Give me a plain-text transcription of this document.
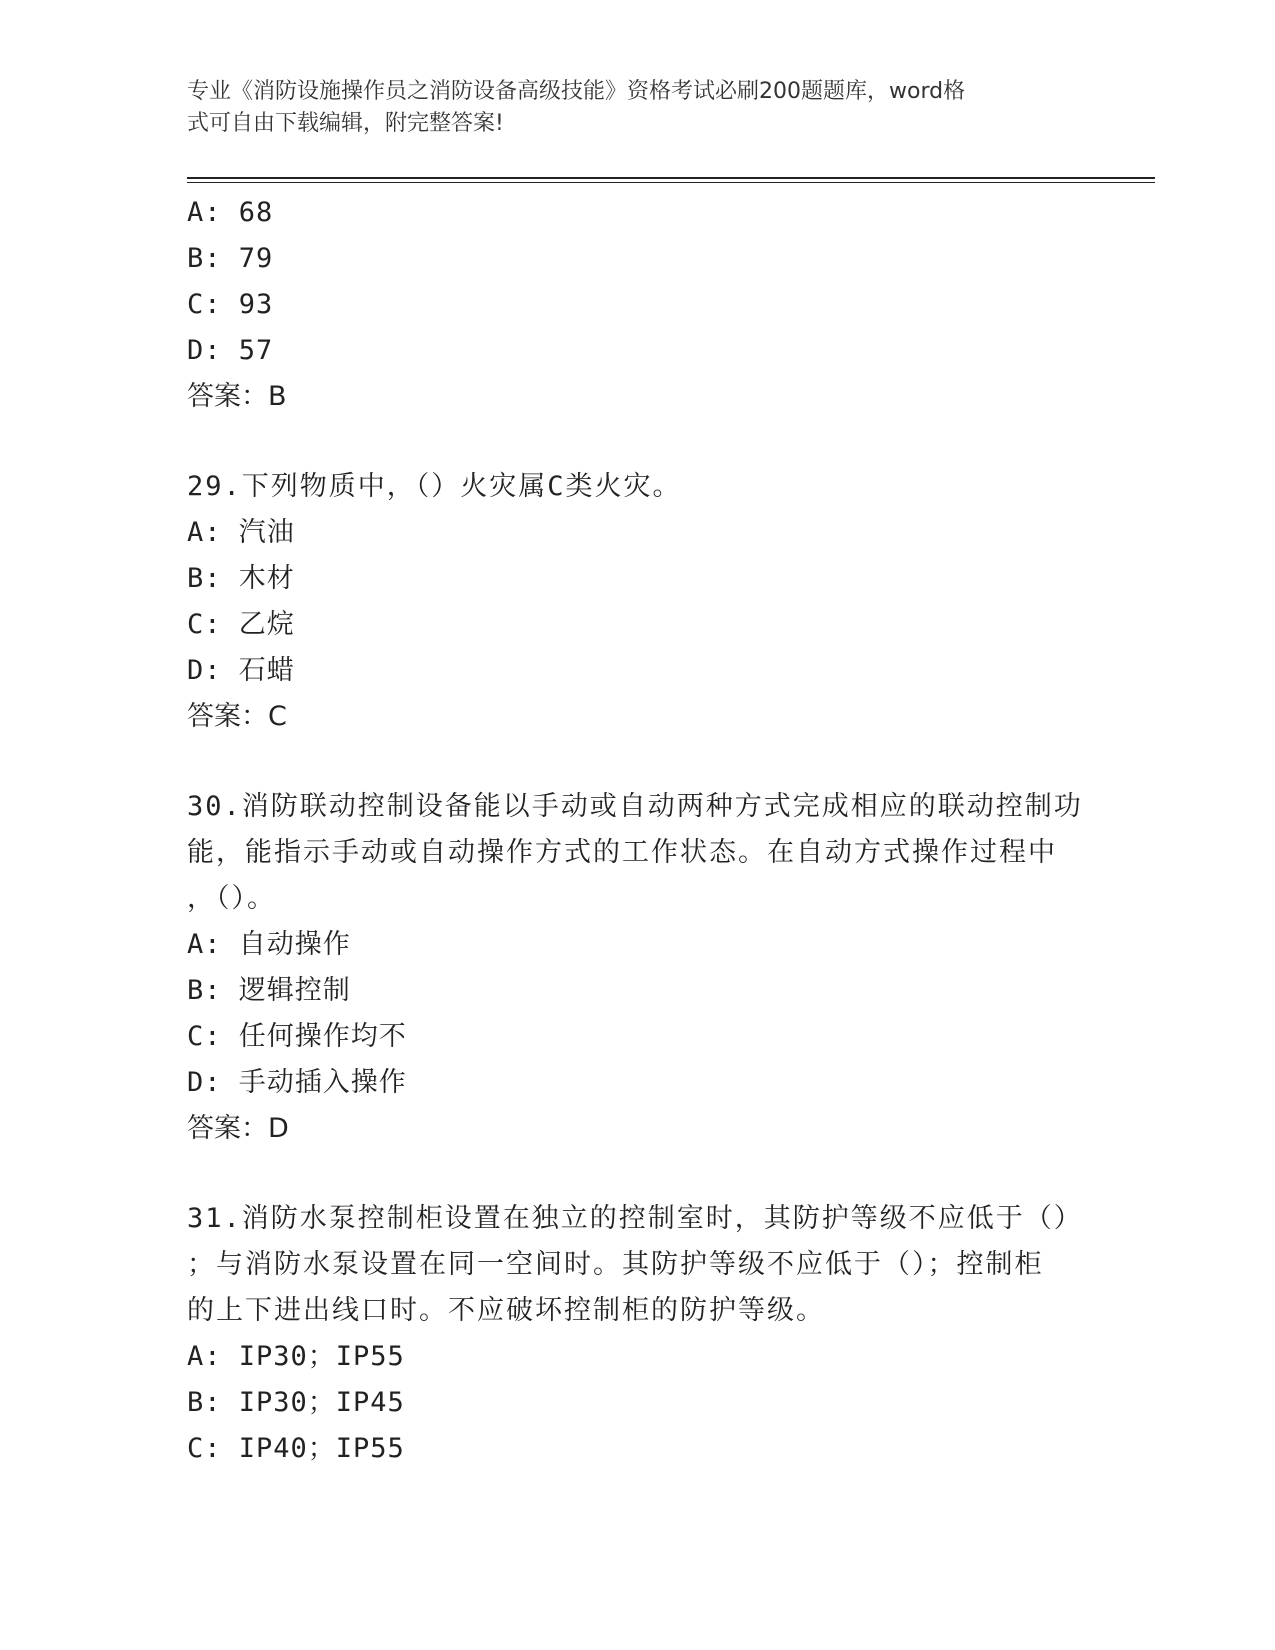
专业《消防设施操作员之消防设备高级技能》资格考试必刷200题题库，word格
式可自由下载编辑，附完整答案!
A: 68
B: 79
C: 93
D: 57
答案：B
29.下列物质中，（）火灾属C类火灾。
A: 汽油
B: 木材
C: 乙烷
D: 石蜡
答案：C
30.消防联动控制设备能以手动或自动两种方式完成相应的联动控制功
能，能指示手动或自动操作方式的工作状态。在自动方式操作过程中
，（）。
A: 自动操作
B: 逻辑控制
C: 任何操作均不
D: 手动插入操作
答案：D
31.消防水泵控制柜设置在独立的控制室时，其防护等级不应低于（）
；与消防水泵设置在同一空间时。其防护等级不应低于（）；控制柜
的上下进出线口时。不应破坏控制柜的防护等级。
A: IP30；IP55
B: IP30；IP45
C: IP40；IP55
